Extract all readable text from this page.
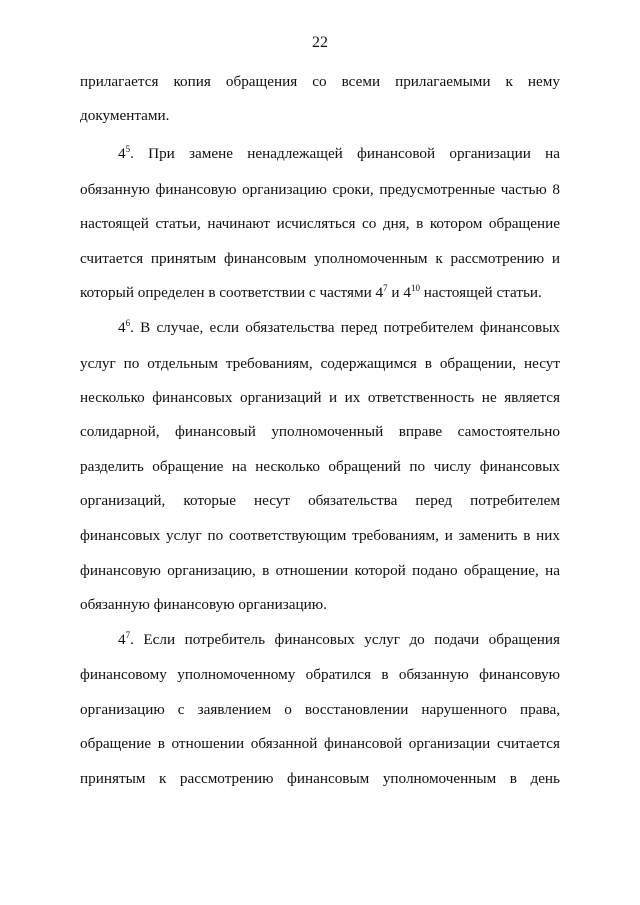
22
прилагается копия обращения со всеми прилагаемыми к нему
документами.
$4^5$. При замене ненадлежащей финансовой организации на
обязанную финансовую организацию сроки, предусмотренные частью 8
настоящей статьи, начинают исчисляться со дня, в котором обращение
считается принятым финансовым уполномоченным к рассмотрению и
который определен в соответствии с частями $4^7$ и $4^{10}$ настоящей статьи.
$4^6$. В случае, если обязательства перед потребителем финансовых
услуг по отдельным требованиям, содержащимся в обращении, несут
несколько финансовых организаций и их ответственность не является
солидарной, финансовый уполномоченный вправе самостоятельно
разделить обращение на несколько обращений по числу финансовых
организаций, которые несут обязательства перед потребителем
финансовых услуг по соответствующим требованиям, и заменить в них
финансовую организацию, в отношении которой подано обращение, на
обязанную финансовую организацию.
$4^7$. Если потребитель финансовых услуг до подачи обращения
финансовому уполномоченному обратился в обязанную финансовую
организацию с заявлением о восстановлении нарушенного права,
обращение в отношении обязанной финансовой организации считается
принятым к рассмотрению финансовым уполномоченным в день
